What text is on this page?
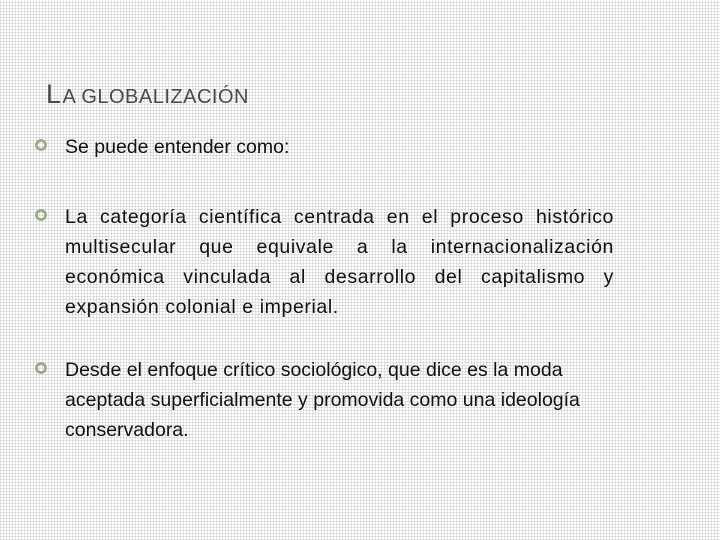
LA GLOBALIZACIÓN
Se puede entender como:
La categoría científica centrada en el proceso histórico multisecular que equivale a la internacionalización económica vinculada al desarrollo del capitalismo y expansión colonial e imperial.
Desde el enfoque crítico sociológico, que dice es la moda aceptada superficialmente y promovida como una ideología conservadora.
